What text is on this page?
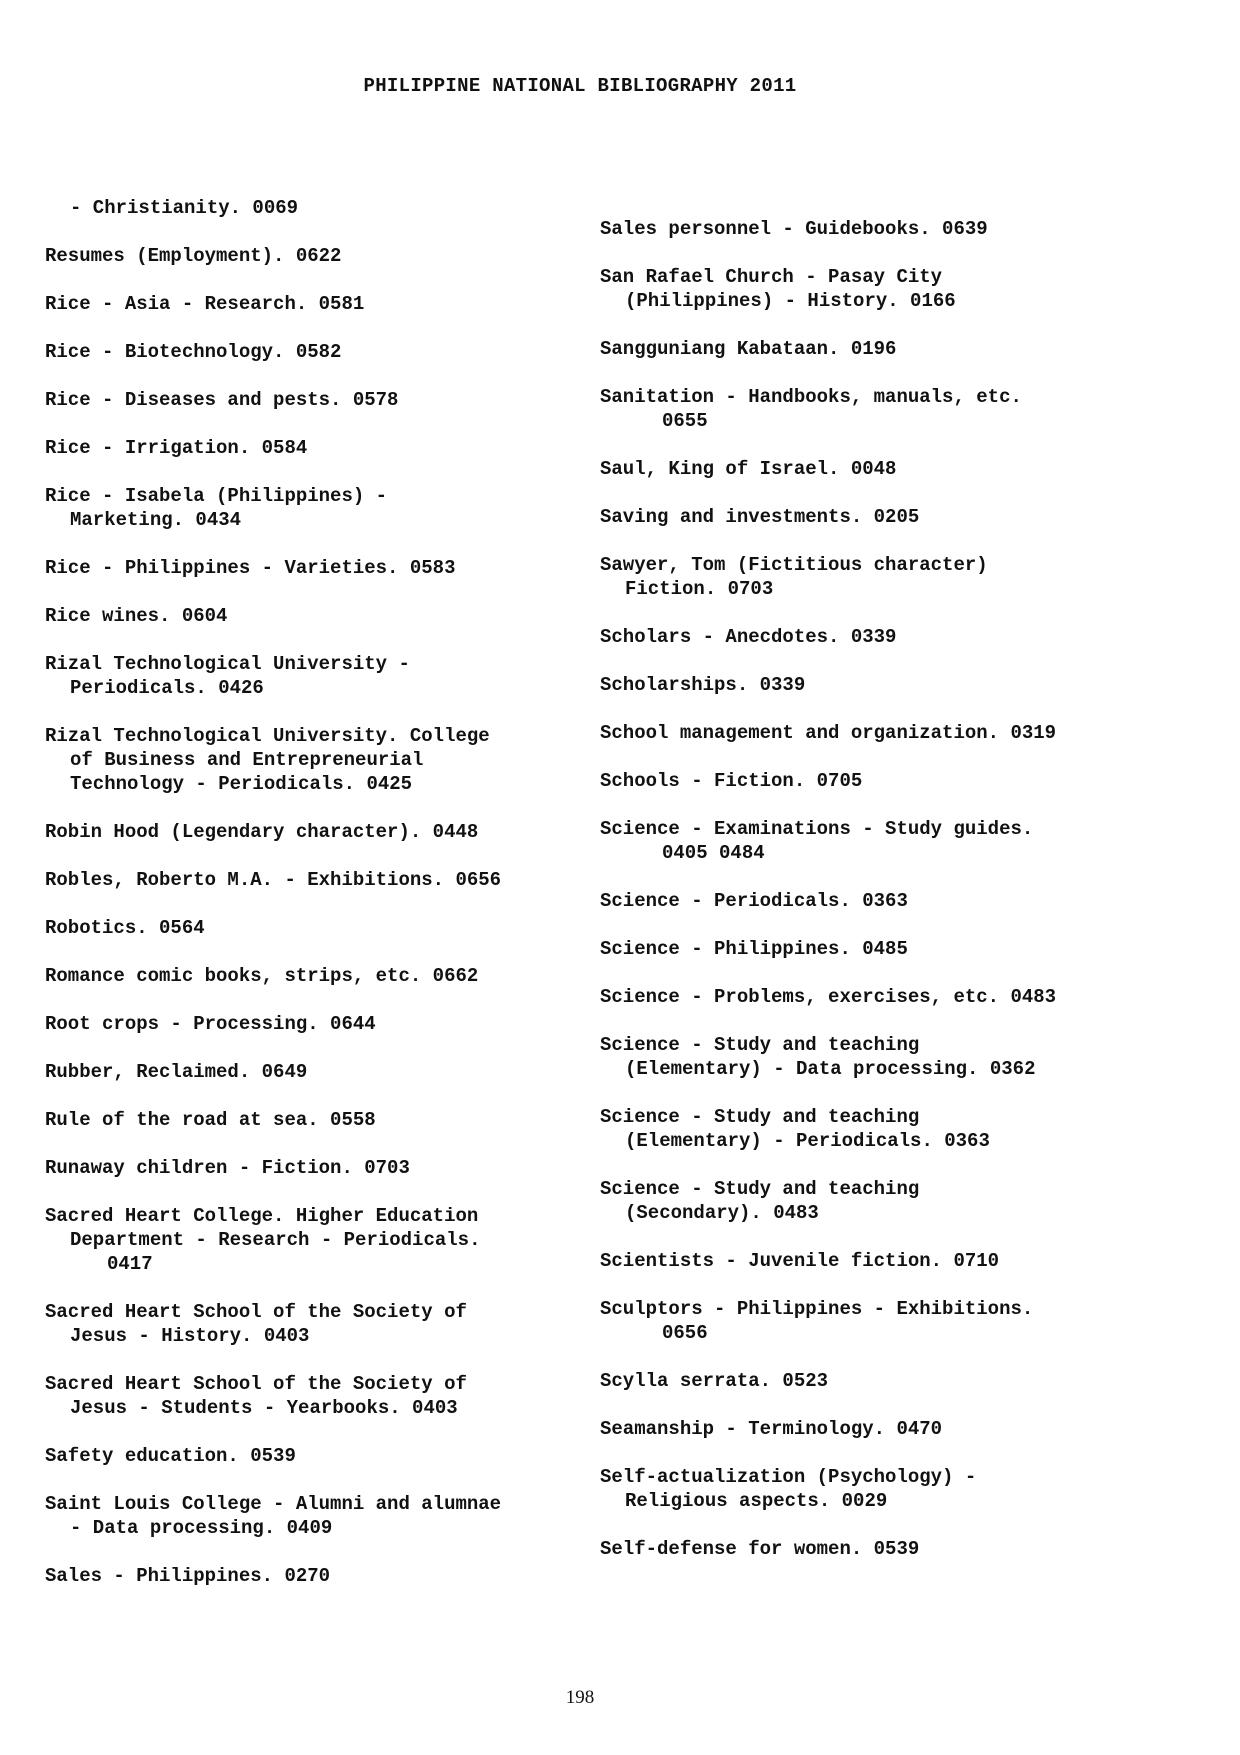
PHILIPPINE NATIONAL BIBLIOGRAPHY 2011
- Christianity. 0069
Resumes (Employment). 0622
Rice - Asia - Research. 0581
Rice - Biotechnology. 0582
Rice - Diseases and pests. 0578
Rice - Irrigation. 0584
Rice - Isabela (Philippines) -
Marketing. 0434
Rice - Philippines - Varieties. 0583
Rice wines. 0604
Rizal Technological University -
Periodicals. 0426
Rizal Technological University. College
of Business and Entrepreneurial
Technology - Periodicals. 0425
Robin Hood (Legendary character). 0448
Robles, Roberto M.A. - Exhibitions. 0656
Robotics. 0564
Romance comic books, strips, etc. 0662
Root crops - Processing. 0644
Rubber, Reclaimed. 0649
Rule of the road at sea. 0558
Runaway children - Fiction. 0703
Sacred Heart College. Higher Education
Department - Research - Periodicals.
0417
Sacred Heart School of the Society of
Jesus - History. 0403
Sacred Heart School of the Society of
Jesus - Students - Yearbooks. 0403
Safety education. 0539
Saint Louis College - Alumni and alumnae
- Data processing. 0409
Sales - Philippines. 0270
Sales personnel - Guidebooks. 0639
San Rafael Church - Pasay City
(Philippines) - History. 0166
Sangguniang Kabataan. 0196
Sanitation - Handbooks, manuals, etc.
0655
Saul, King of Israel. 0048
Saving and investments. 0205
Sawyer, Tom (Fictitious character)
Fiction. 0703
Scholars - Anecdotes. 0339
Scholarships. 0339
School management and organization. 0319
Schools - Fiction. 0705
Science - Examinations - Study guides.
0405 0484
Science - Periodicals. 0363
Science - Philippines. 0485
Science - Problems, exercises, etc. 0483
Science - Study and teaching
(Elementary) - Data processing. 0362
Science - Study and teaching
(Elementary) - Periodicals. 0363
Science - Study and teaching
(Secondary). 0483
Scientists - Juvenile fiction. 0710
Sculptors - Philippines - Exhibitions.
0656
Scylla serrata. 0523
Seamanship - Terminology. 0470
Self-actualization (Psychology) -
Religious aspects. 0029
Self-defense for women. 0539
198
